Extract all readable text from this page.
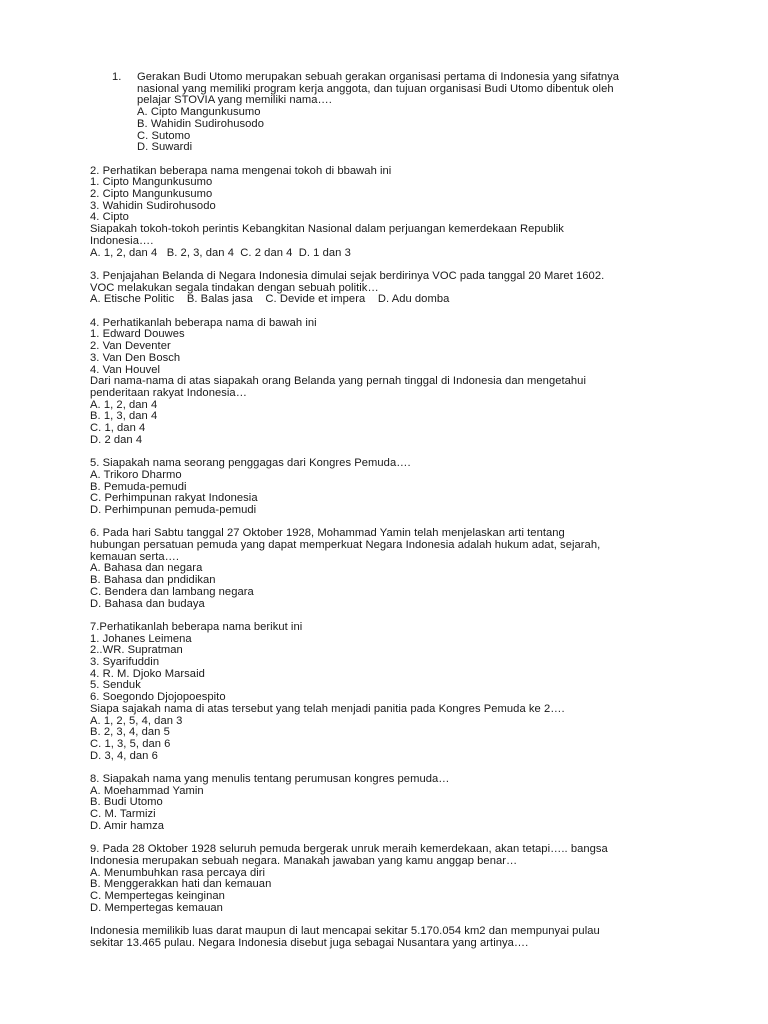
1. Gerakan Budi Utomo merupakan sebuah gerakan organisasi pertama di Indonesia yang sifatnya
nasional yang memiliki program kerja anggota, dan tujuan organisasi Budi Utomo dibentuk oleh
pelajar STOVIA yang memiliki nama….
A. Cipto Mangunkusumo
B. Wahidin Sudirohusodo
C. Sutomo
D. Suwardi
2. Perhatikan beberapa nama mengenai tokoh di bbawah ini
1. Cipto Mangunkusumo
2. Cipto Mangunkusumo
3. Wahidin Sudirohusodo
4. Cipto
Siapakah tokoh-tokoh perintis Kebangkitan Nasional dalam perjuangan kemerdekaan Republik
Indonesia….
A. 1, 2, dan 4   B. 2, 3, dan 4  C. 2 dan 4  D. 1 dan 3
3. Penjajahan Belanda di Negara Indonesia dimulai sejak berdirinya VOC pada tanggal 20 Maret 1602.
VOC melakukan segala tindakan dengan sebuah politik…
A. Etische Politic    B. Balas jasa    C. Devide et impera    D. Adu domba
4. Perhatikanlah beberapa nama di bawah ini
1. Edward Douwes
2. Van Deventer
3. Van Den Bosch
4. Van Houvel
Dari nama-nama di atas siapakah orang Belanda yang pernah tinggal di Indonesia dan mengetahui
penderitaan rakyat Indonesia…
A. 1, 2, dan 4
B. 1, 3, dan 4
C. 1, dan 4
D. 2 dan 4
5. Siapakah nama seorang penggagas dari Kongres Pemuda….
A. Trikoro Dharmo
B. Pemuda-pemudi
C. Perhimpunan rakyat Indonesia
D. Perhimpunan pemuda-pemudi
6. Pada hari Sabtu tanggal 27 Oktober 1928, Mohammad Yamin telah menjelaskan arti tentang
hubungan persatuan pemuda yang dapat memperkuat Negara Indonesia adalah hukum adat, sejarah,
kemauan serta….
A. Bahasa dan negara
B. Bahasa dan pndidikan
C. Bendera dan lambang negara
D. Bahasa dan budaya
7.Perhatikanlah beberapa nama berikut ini
1. Johanes Leimena
2..WR. Supratman
3. Syarifuddin
4. R. M. Djoko Marsaid
5. Senduk
6. Soegondo Djojopoespito
Siapa sajakah nama di atas tersebut yang telah menjadi panitia pada Kongres Pemuda ke 2….
A. 1, 2, 5, 4, dan 3
B. 2, 3, 4, dan 5
C. 1, 3, 5, dan 6
D. 3, 4, dan 6
8. Siapakah nama yang menulis tentang perumusan kongres pemuda…
A. Moehammad Yamin
B. Budi Utomo
C. M. Tarmizi
D. Amir hamza
9. Pada 28 Oktober 1928 seluruh pemuda bergerak unruk meraih kemerdekaan, akan tetapi….. bangsa
Indonesia merupakan sebuah negara. Manakah jawaban yang kamu anggap benar…
A. Menumbuhkan rasa percaya diri
B. Menggerakkan hati dan kemauan
C. Mempertegas keinginan
D. Mempertegas kemauan
Indonesia memilikib luas darat maupun di laut mencapai sekitar 5.170.054 km2 dan mempunyai pulau
sekitar 13.465 pulau. Negara Indonesia disebut juga sebagai Nusantara yang artinya….
